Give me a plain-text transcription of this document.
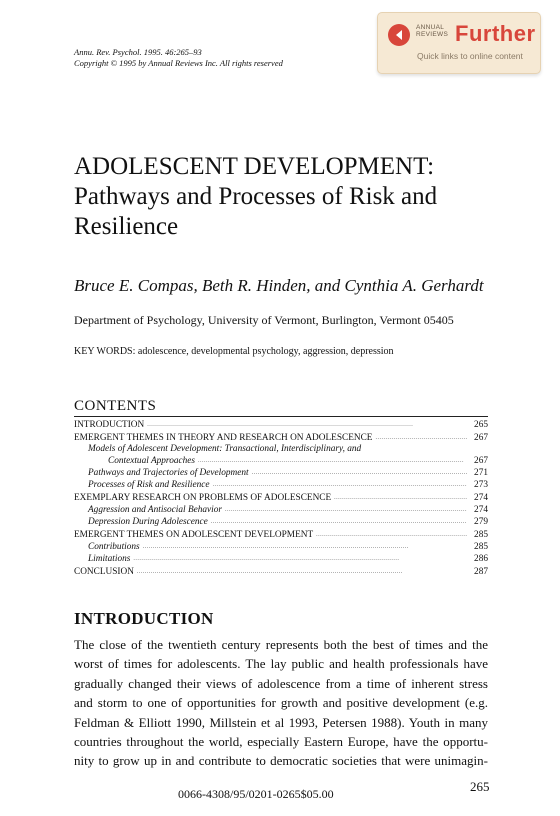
Annu. Rev. Psychol. 1995. 46:265–93
Copyright © 1995 by Annual Reviews Inc. All rights reserved
ANNUAL
REVIEWS Further
Quick links to online content
ADOLESCENT DEVELOPMENT:
Pathways and Processes of Risk and
Resilience
Bruce E. Compas, Beth R. Hinden, and Cynthia A. Gerhardt
Department of Psychology, University of Vermont, Burlington, Vermont 05405
KEY WORDS: adolescence, developmental psychology, aggression, depression
CONTENTS
INTRODUCTION . . .	265
EMERGENT THEMES IN THEORY AND RESEARCH ON ADOLESCENCE . . .	267
Models of Adolescent Development: Transactional, Interdisciplinary, and
Contextual Approaches . . .	267
Pathways and Trajectories of Development . . .	271
Processes of Risk and Resilience . . .	273
EXEMPLARY RESEARCH ON PROBLEMS OF ADOLESCENCE . . .	274
Aggression and Antisocial Behavior . . .	274
Depression During Adolescence . . .	279
EMERGENT THEMES ON ADOLESCENT DEVELOPMENT . . .	285
Contributions . . .	285
Limitations . . .	286
CONCLUSION . . .	287
INTRODUCTION
The close of the twentieth century represents both the best of times and the
worst of times for adolescents. The lay public and health professionals have
gradually changed their views of adolescence from a time of inherent stress
and storm to one of opportunities for growth and positive development (e.g.
Feldman & Elliott 1990, Millstein et al 1993, Petersen 1988). Youth in many
countries throughout the world, especially Eastern Europe, have the opportu-
nity to grow up in and contribute to democratic societies that were unimagin-
0066-4308/95/0201-0265$05.00	265
